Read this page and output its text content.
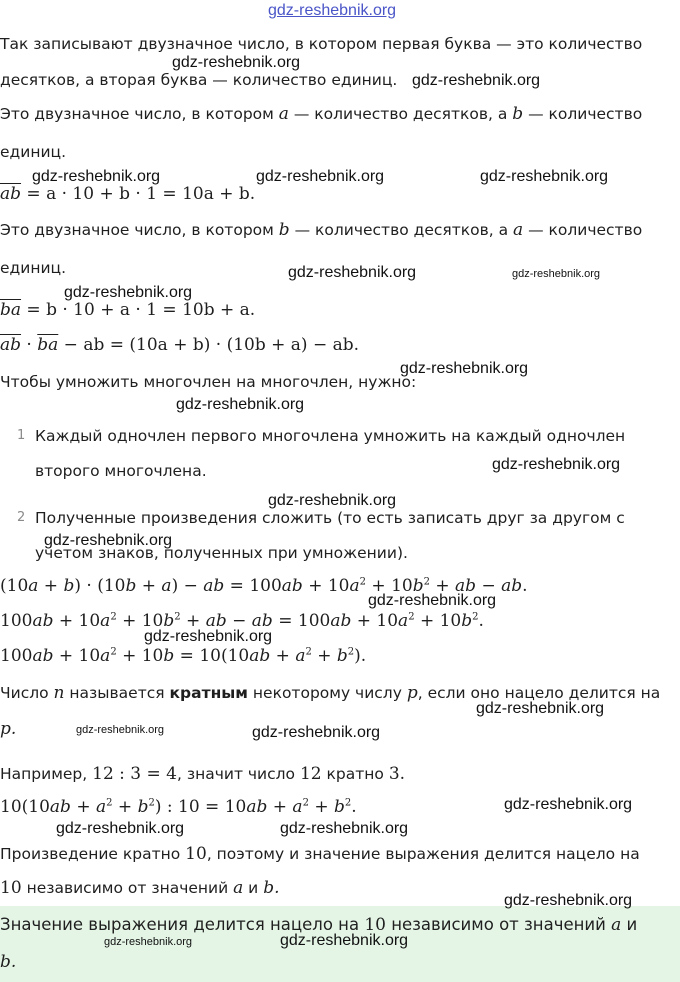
gdz-reshebnik.org
Так записывают двузначное число, в котором первая буква — это количество
десятков, а вторая буква — количество единиц.
Это двузначное число, в котором a — количество десятков, а b — количество
единиц.
$\overline{ab} = a \cdot 10 + b \cdot 1 = 10a + b$.
Это двузначное число, в котором b — количество десятков, а a — количество
единиц.
$\overline{ba} = b \cdot 10 + a \cdot 1 = 10b + a$.
$\overline{ab} \cdot \overline{ba}$ − ab = (10a + b) · (10b + a) − ab.
Чтобы умножить многочлен на многочлен, нужно:
1 Каждый одночлен первого многочлена умножить на каждый одночлен
второго многочлена.
2 Полученные произведения сложить (то есть записать друг за другом с
учетом знаков, полученных при умножении).
(10a + b) · (10b + a) − ab = $100ab + 10a^2 + 10b^2$ + ab − ab.
$100ab + 10a^2 + 10b^2$ + ab − ab = $100ab + 10a^2 + 10b^2$.
$100ab + 10a^2 + 10b = 10(10ab + a^2 + b^2)$.
Число n называется кратным некоторому числу p, если оно нацело делится на
p.
Например, 12 : 3 = 4, значит число 12 кратно 3.
$10(10ab + a^2 + b^2)$ : $10 = 10ab + a^2 + b^2$.
Произведение кратно 10, поэтому и значение выражения делится нацело на
10 независимо от значений a и b.
Значение выражения делится нацело на 10 независимо от значений a и
b.
gdz-reshebnik.org
gdz-reshebnik.org
gdz-reshebnik.org	gdz-reshebnik.org	gdz-reshebnik.org
gdz-reshebnik.org	gdz-reshebnik.org
gdz-reshebnik.org
gdz-reshebnik.org
gdz-reshebnik.org
gdz-reshebnik.org
gdz-reshebnik.org
gdz-reshebnik.org
gdz-reshebnik.org
gdz-reshebnik.org
gdz-reshebnik.org
gdz-reshebnik.org	gdz-reshebnik.org
gdz-reshebnik.org
gdz-reshebnik.org	gdz-reshebnik.org
gdz-reshebnik.org
gdz-reshebnik.org	gdz-reshebnik.org
